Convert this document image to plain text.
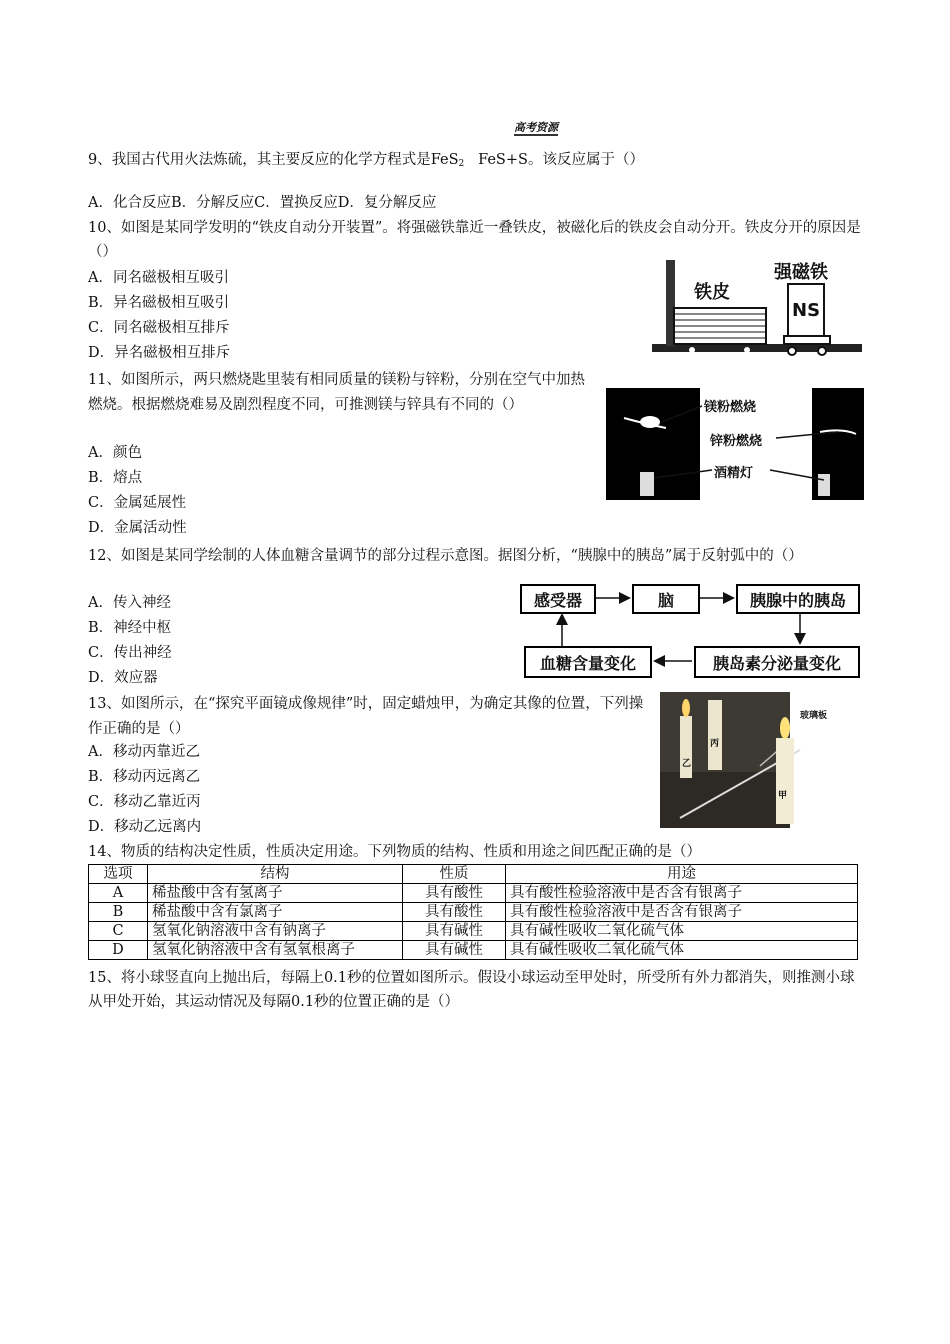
高考资源
9、我国古代用火法炼硫，其主要反应的化学方程式是FeS$_2$   FeS+S。该反应属于（）
A．化合反应B．分解反应C．置换反应D．复分解反应
10、如图是某同学发明的“铁皮自动分开装置”。将强磁铁靠近一叠铁皮，被磁化后的铁皮会自动分开。铁皮分开的原因是（）
A．同名磁极相互吸引
B．异名磁极相互吸引
C．同名磁极相互排斥
D．异名磁极相互排斥
铁皮
强磁铁
NS
11、如图所示，两只燃烧匙里装有相同质量的镁粉与锌粉，分别在空气中加热燃烧。根据燃烧难易及剧烈程度不同，可推测镁与锌具有不同的（）
A．颜色
B．熔点
C．金属延展性
D．金属活动性
镁粉燃烧
锌粉燃烧
酒精灯
12、如图是某同学绘制的人体血糖含量调节的部分过程示意图。据图分析，“胰腺中的胰岛”属于反射弧中的（）
A．传入神经
B．神经中枢
C．传出神经
D．效应器
感受器	脑	胰腺中的胰岛
胰岛素分泌量变化
血糖含量变化
13、如图所示，在“探究平面镜成像规律”时，固定蜡烛甲，为确定其像的位置，下列操作正确的是（）
A．移动丙靠近乙
B．移动丙远离乙
C．移动乙靠近丙
D．移动乙远离内
玻璃板
甲
乙
丙
14、物质的结构决定性质，性质决定用途。下列物质的结构、性质和用途之间匹配正确的是（）
选项	结构	性质	用途
A	稀盐酸中含有氢离子	具有酸性	具有酸性检验溶液中是否含有银离子
B	稀盐酸中含有氯离子	具有酸性	具有酸性检验溶液中是否含有银离子
C	氢氧化钠溶液中含有钠离子	具有碱性	具有碱性吸收二氧化硫气体
D	氢氧化钠溶液中含有氢氧根离子	具有碱性	具有碱性吸收二氧化硫气体
15、将小球竖直向上抛出后，每隔上0.1秒的位置如图所示。假设小球运动至甲处时，所受所有外力都消失，则推测小球从甲处开始，其运动情况及每隔0.1秒的位置正确的是（）
